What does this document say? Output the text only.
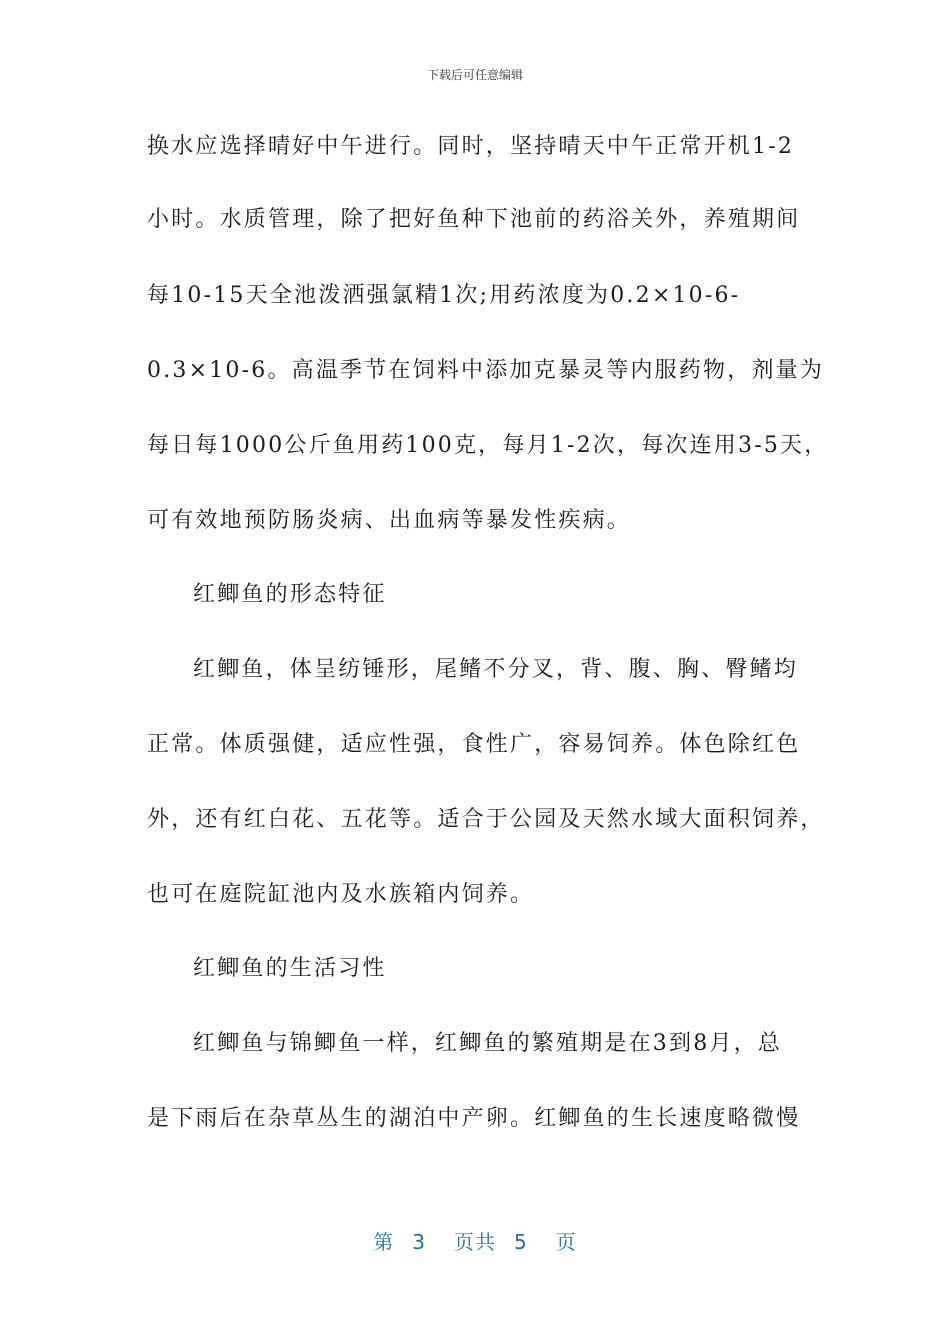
下载后可任意编辑
换水应选择晴好中午进行。同时，坚持晴天中午正常开机1-2
小时。水质管理，除了把好鱼种下池前的药浴关外，养殖期间
每10-15天全池泼洒强氯精1次;用药浓度为0.2×10-6-
0.3×10-6。高温季节在饲料中添加克暴灵等内服药物，剂量为
每日每1000公斤鱼用药100克，每月1-2次，每次连用3-5天，
可有效地预防肠炎病、出血病等暴发性疾病。
红鲫鱼的形态特征
红鲫鱼，体呈纺锤形，尾鳍不分叉，背、腹、胸、臀鳍均
正常。体质强健，适应性强，食性广，容易饲养。体色除红色
外，还有红白花、五花等。适合于公园及天然水域大面积饲养，
也可在庭院缸池内及水族箱内饲养。
红鲫鱼的生活习性
红鲫鱼与锦鲫鱼一样，红鲫鱼的繁殖期是在3到8月，总
是下雨后在杂草丛生的湖泊中产卵。红鲫鱼的生长速度略微慢
第 3 页共 5 页
